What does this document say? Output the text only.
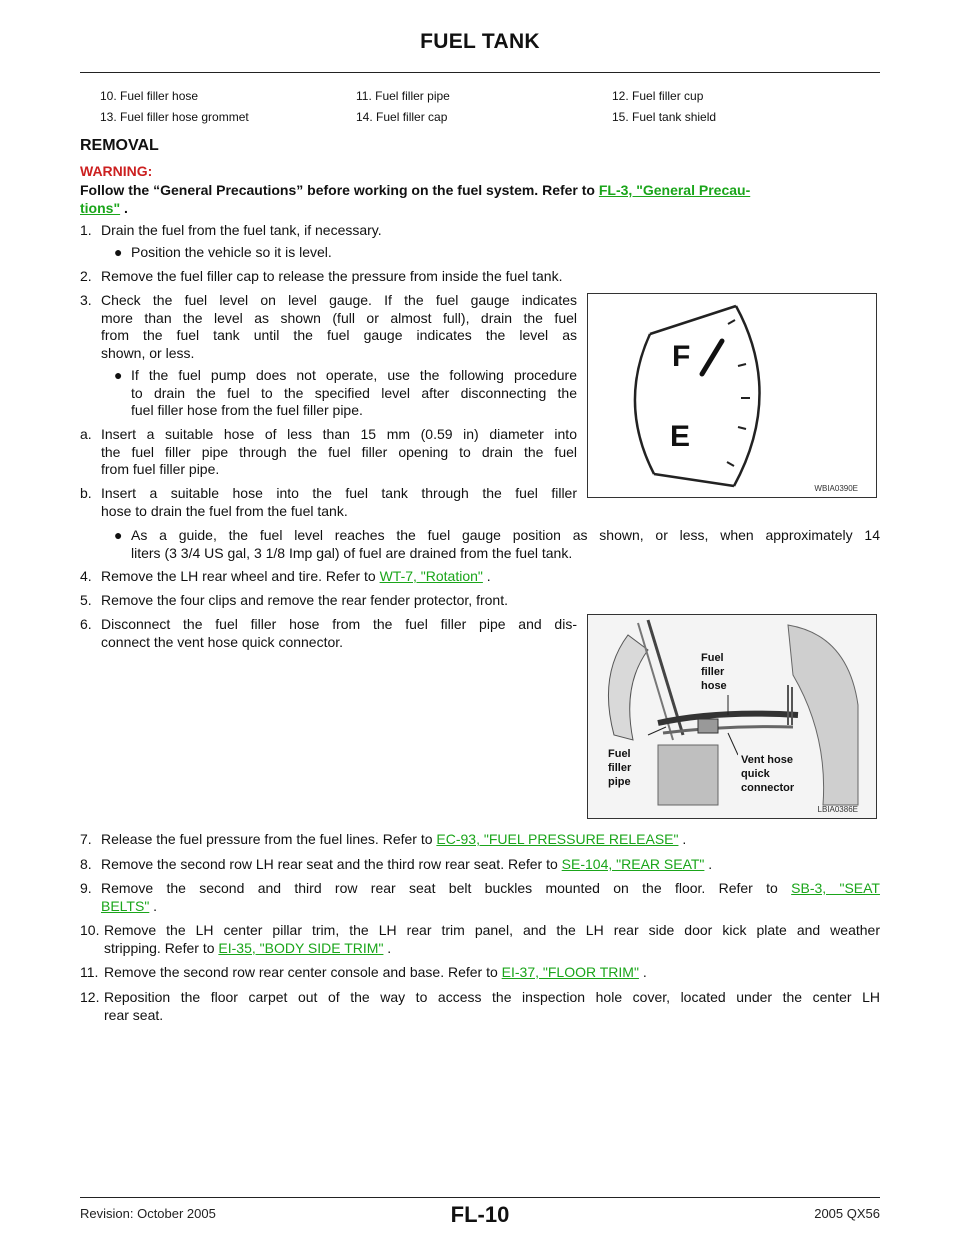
FUEL TANK
10. Fuel filler hose	11. Fuel filler pipe	12. Fuel filler cup
13. Fuel filler hose grommet	14. Fuel filler cap	15. Fuel tank shield
REMOVAL
WARNING:
Follow the “General Precautions” before working on the fuel system. Refer to FL-3, "General Precau-
tions" .
1. Drain the fuel from the fuel tank, if necessary.
● Position the vehicle so it is level.
2. Remove the fuel filler cap to release the pressure from inside the fuel tank.
3. Check the fuel level on level gauge. If the fuel gauge indicates
more than the level as shown (full or almost full), drain the fuel
from the fuel tank until the fuel gauge indicates the level as
shown, or less.
● If the fuel pump does not operate, use the following procedure
to drain the fuel to the specified level after disconnecting the
fuel filler hose from the fuel filler pipe.
a. Insert a suitable hose of less than 15 mm (0.59 in) diameter into
the fuel filler pipe through the fuel filler opening to drain the fuel
from fuel filler pipe.
b. Insert a suitable hose into the fuel tank through the fuel filler
hose to drain the fuel from the fuel tank.
● As a guide, the fuel level reaches the fuel gauge position as shown, or less, when approximately 14
liters (3 3/4 US gal, 3 1/8 Imp gal) of fuel are drained from the fuel tank.
4. Remove the LH rear wheel and tire. Refer to WT-7, "Rotation" .
5. Remove the four clips and remove the rear fender protector, front.
6. Disconnect the fuel filler hose from the fuel filler pipe and dis-
connect the vent hose quick connector.
7. Release the fuel pressure from the fuel lines. Refer to EC-93, "FUEL PRESSURE RELEASE" .
8. Remove the second row LH rear seat and the third row rear seat. Refer to SE-104, "REAR SEAT" .
9. Remove the second and third row rear seat belt buckles mounted on the floor. Refer to SB-3, "SEAT
BELTS" .
10. Remove the LH center pillar trim, the LH rear trim panel, and the LH rear side door kick plate and weather
stripping. Refer to EI-35, "BODY SIDE TRIM" .
11. Remove the second row rear center console and base. Refer to EI-37, "FLOOR TRIM" .
12. Reposition the floor carpet out of the way to access the inspection hole cover, located under the center LH
rear seat.
F
E
WBIA0390E
Fuel filler hose
Fuel filler pipe
Vent hose quick connector
LBIA0386E
Revision: October 2005	FL-10	2005 QX56
